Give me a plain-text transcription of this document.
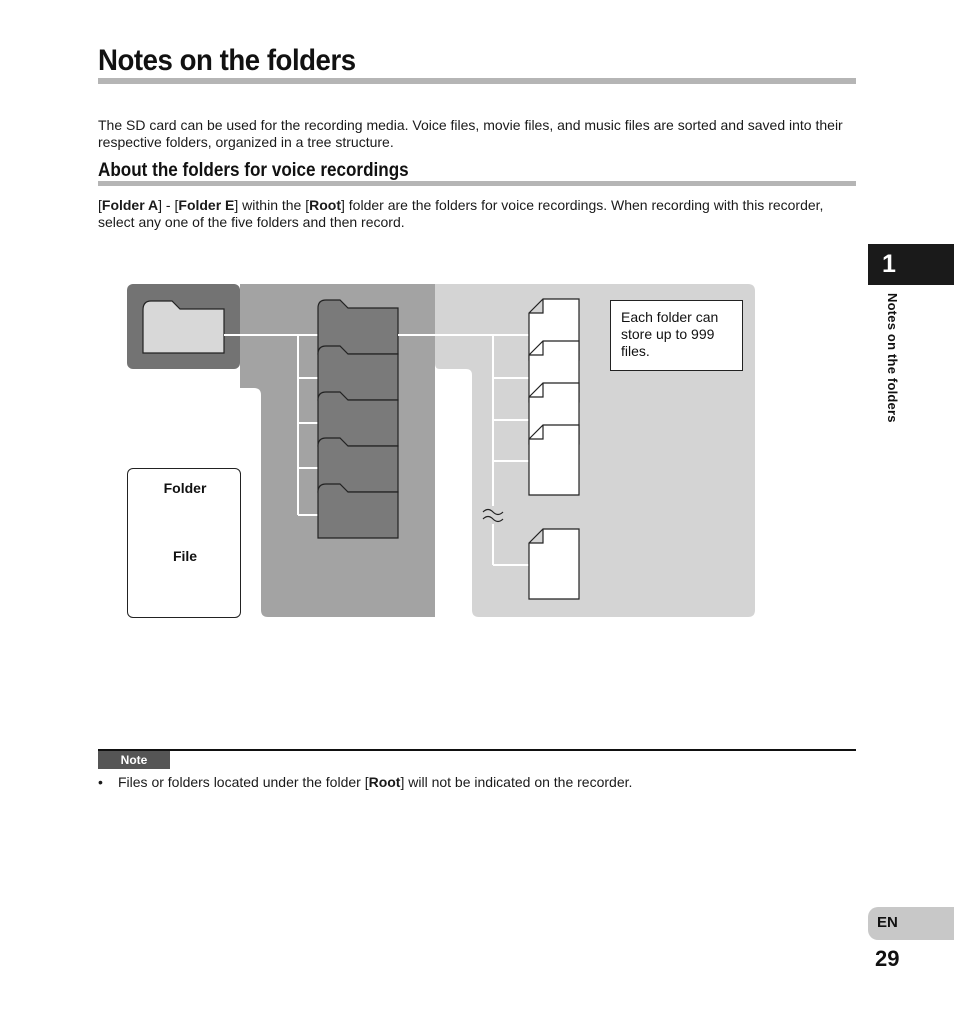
Notes on the folders

The SD card can be used for the recording media. Voice files, movie files, and music files are sorted and saved into their respective folders, organized in a tree structure.

About the folders for voice recordings

[Folder A] - [Folder E] within the [Root] folder are the folders for voice recordings. When recording with this recorder, select any one of the five folders and then record.

Each folder can store up to 999 files.
Folder
File
1
Notes on the folders
Note

• Files or folders located under the folder [Root] will not be indicated on the recorder.

EN
29
